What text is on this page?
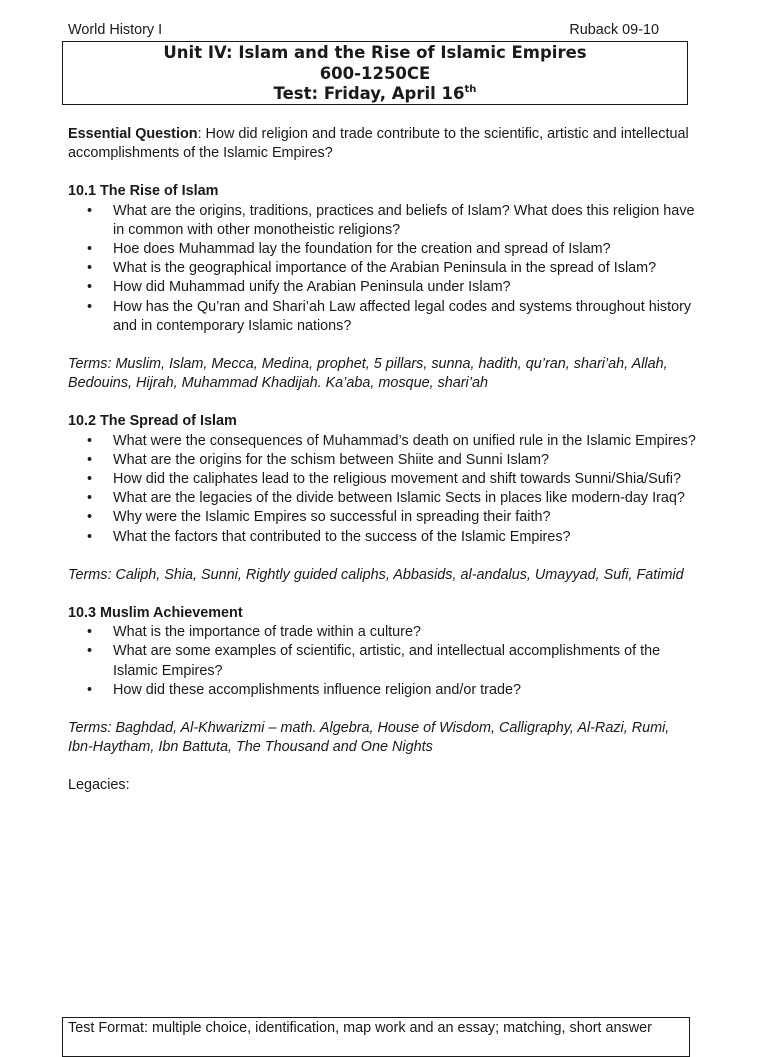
World History I	Ruback 09-10
Unit IV: Islam and the Rise of Islamic Empires
600-1250CE
Test: Friday, April 16th

Essential Question: How did religion and trade contribute to the scientific, artistic and intellectual accomplishments of the Islamic Empires?

10.1 The Rise of Islam
• What are the origins, traditions, practices and beliefs of Islam? What does this religion have in common with other monotheistic religions?
• Hoe does Muhammad lay the foundation for the creation and spread of Islam?
• What is the geographical importance of the Arabian Peninsula in the spread of Islam?
• How did Muhammad unify the Arabian Peninsula under Islam?
• How has the Qu’ran and Shari’ah Law affected legal codes and systems throughout history and in contemporary Islamic nations?

Terms: Muslim, Islam, Mecca, Medina, prophet, 5 pillars, sunna, hadith, qu’ran, shari’ah, Allah, Bedouins, Hijrah, Muhammad Khadijah. Ka’aba, mosque, shari’ah

10.2 The Spread of Islam
• What were the consequences of Muhammad’s death on unified rule in the Islamic Empires?
• What are the origins for the schism between Shiite and Sunni Islam?
• How did the caliphates lead to the religious movement and shift towards Sunni/Shia/Sufi?
• What are the legacies of the divide between Islamic Sects in places like modern-day Iraq?
• Why were the Islamic Empires so successful in spreading their faith?
• What the factors that contributed to the success of the Islamic Empires?

Terms: Caliph, Shia, Sunni, Rightly guided caliphs, Abbasids, al-andalus, Umayyad, Sufi, Fatimid

10.3 Muslim Achievement
• What is the importance of trade within a culture?
• What are some examples of scientific, artistic, and intellectual accomplishments of the Islamic Empires?
• How did these accomplishments influence religion and/or trade?

Terms: Baghdad, Al-Khwarizmi – math. Algebra, House of Wisdom, Calligraphy, Al-Razi, Rumi, Ibn-Haytham, Ibn Battuta, The Thousand and One Nights

Legacies:

Test Format: multiple choice, identification, map work and an essay; matching, short answer
